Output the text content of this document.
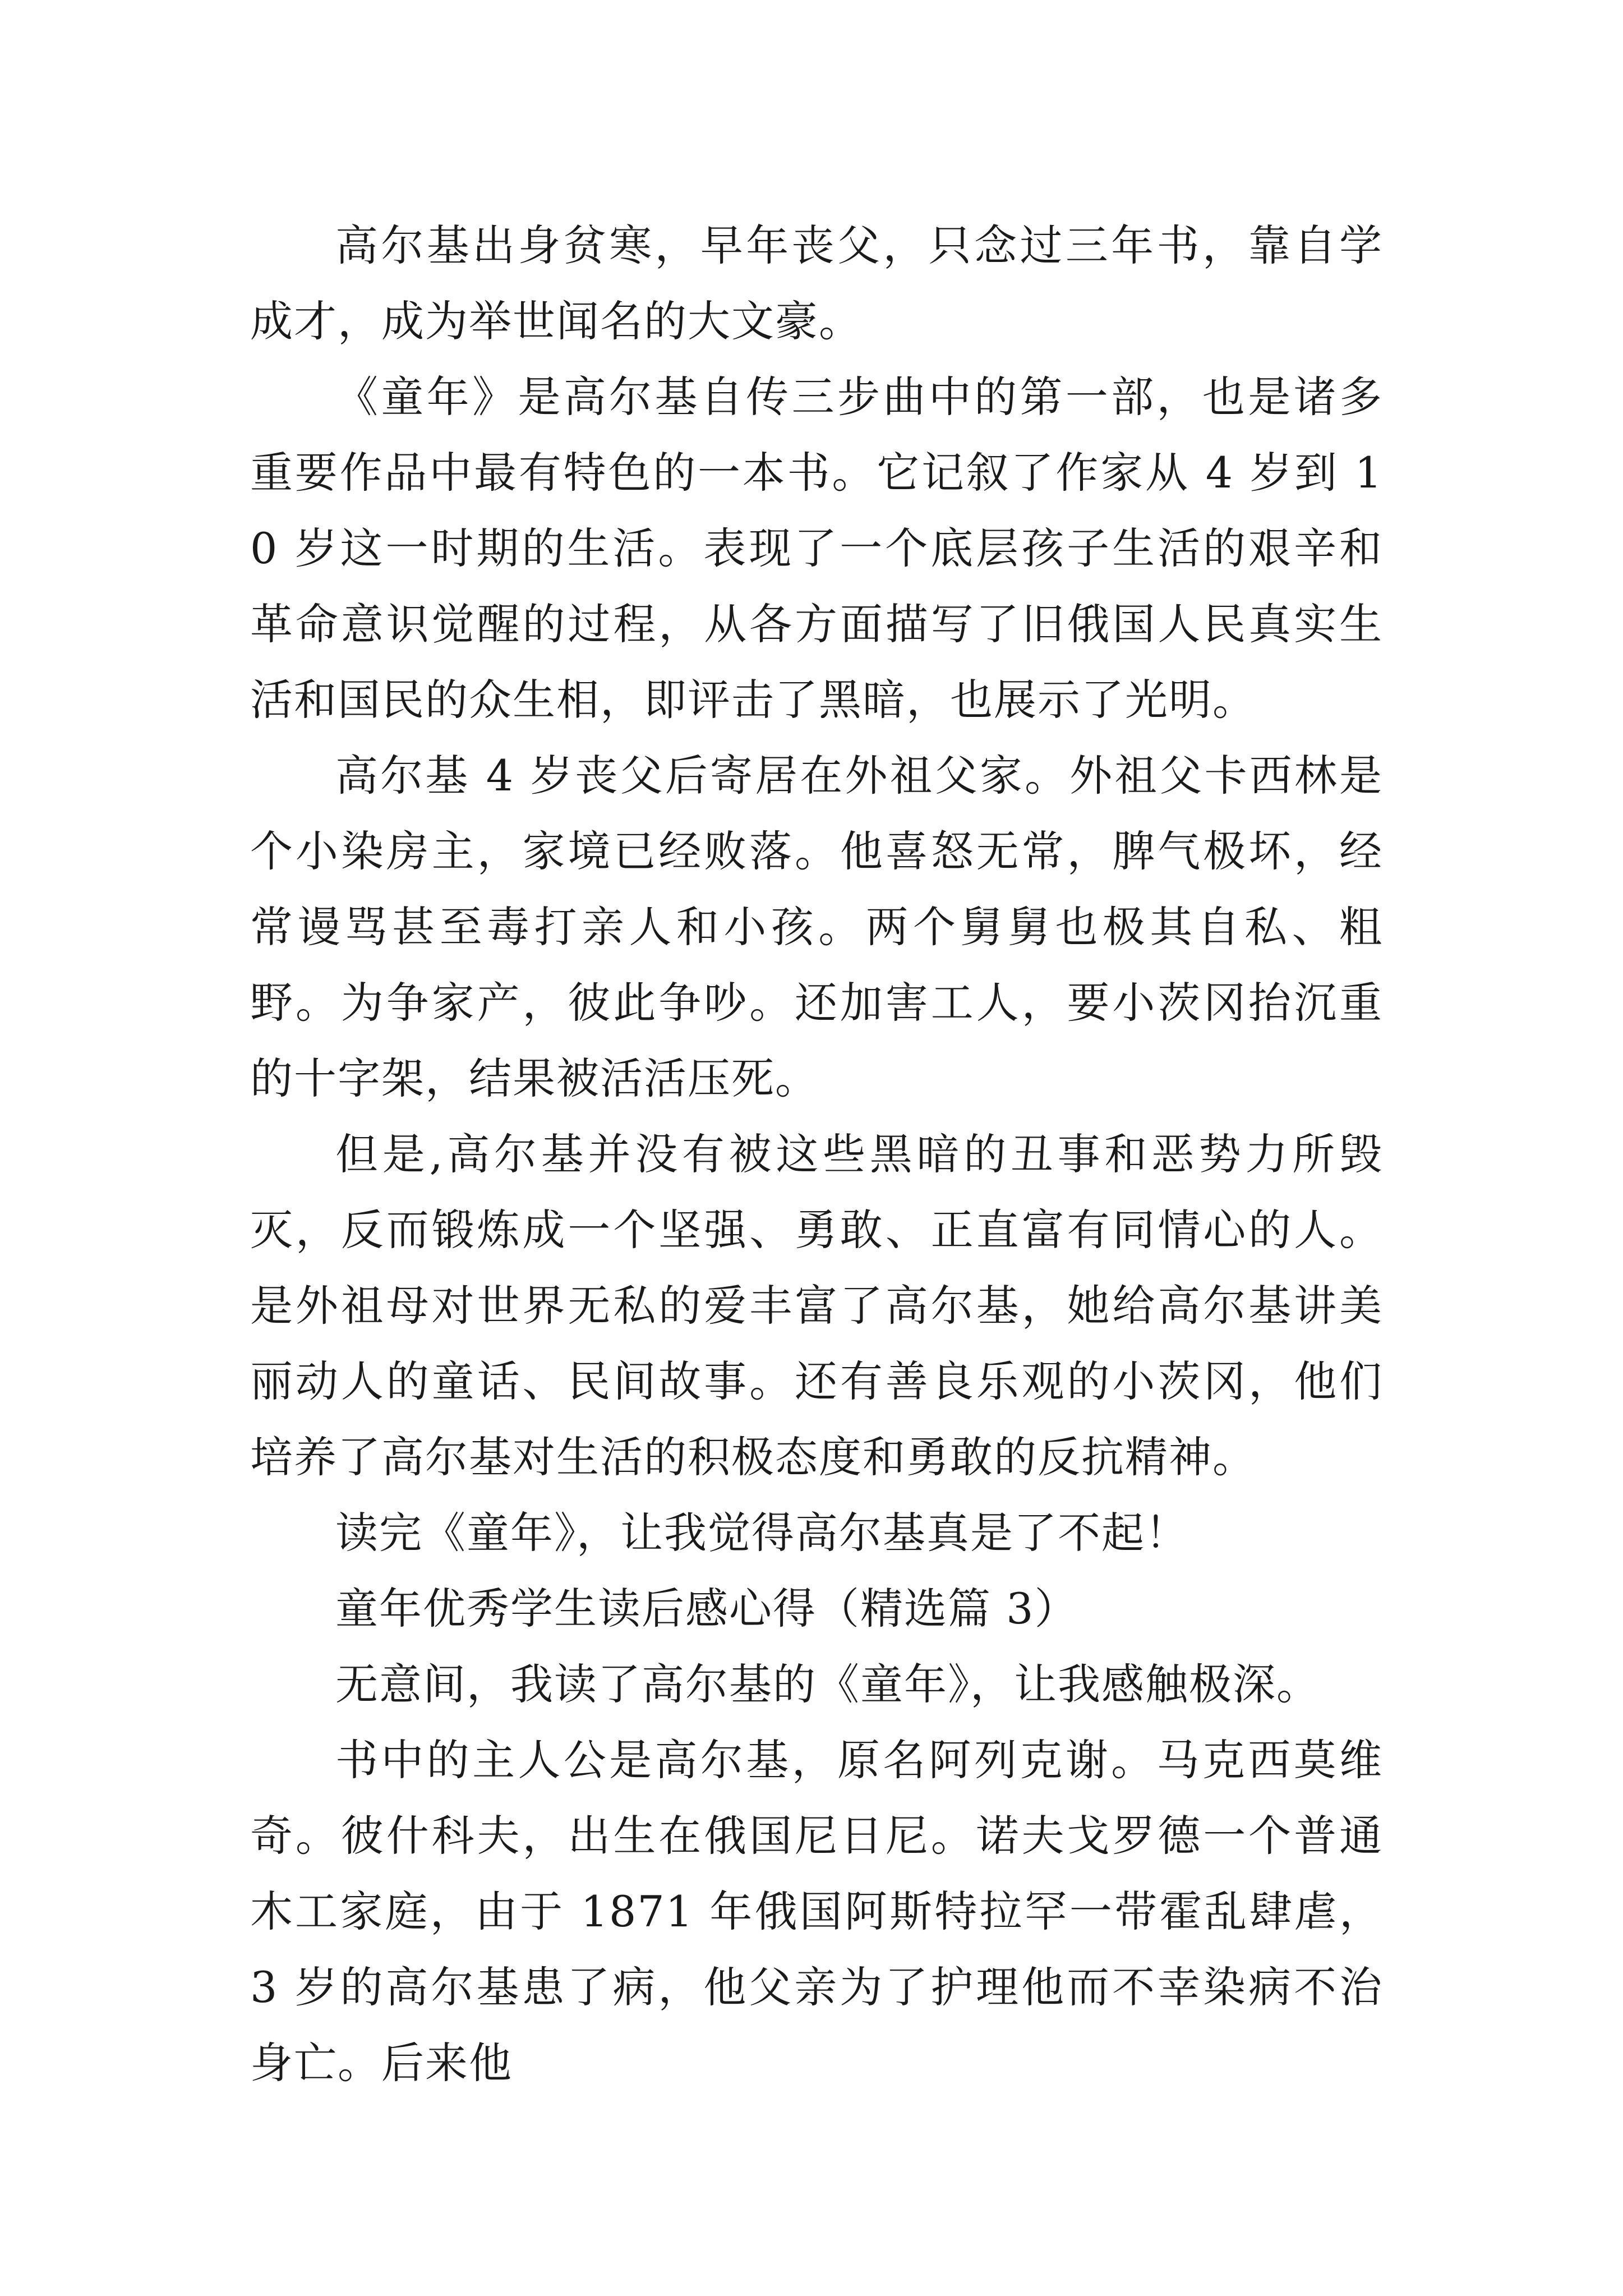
高尔基出身贫寒，早年丧父，只念过三年书，靠自学成才，成为举世闻名的大文豪。

《童年》是高尔基自传三步曲中的第一部，也是诸多重要作品中最有特色的一本书。它记叙了作家从 4 岁到 10 岁这一时期的生活。表现了一个底层孩子生活的艰辛和革命意识觉醒的过程，从各方面描写了旧俄国人民真实生活和国民的众生相，即评击了黑暗，也展示了光明。

高尔基 4 岁丧父后寄居在外祖父家。外祖父卡西林是个小染房主，家境已经败落。他喜怒无常，脾气极坏，经常谩骂甚至毒打亲人和小孩。两个舅舅也极其自私、粗野。为争家产，彼此争吵。还加害工人，要小茨冈抬沉重的十字架，结果被活活压死。

但是,高尔基并没有被这些黑暗的丑事和恶势力所毁灭，反而锻炼成一个坚强、勇敢、正直富有同情心的人。是外祖母对世界无私的爱丰富了高尔基，她给高尔基讲美丽动人的童话、民间故事。还有善良乐观的小茨冈，他们培养了高尔基对生活的积极态度和勇敢的反抗精神。

读完《童年》，让我觉得高尔基真是了不起！

童年优秀学生读后感心得（精选篇 3）

无意间，我读了高尔基的《童年》，让我感触极深。

书中的主人公是高尔基，原名阿列克谢。马克西莫维奇。彼什科夫，出生在俄国尼日尼。诺夫戈罗德一个普通木工家庭，由于 1871 年俄国阿斯特拉罕一带霍乱肆虐，3 岁的高尔基患了病，他父亲为了护理他而不幸染病不治身亡。后来他
